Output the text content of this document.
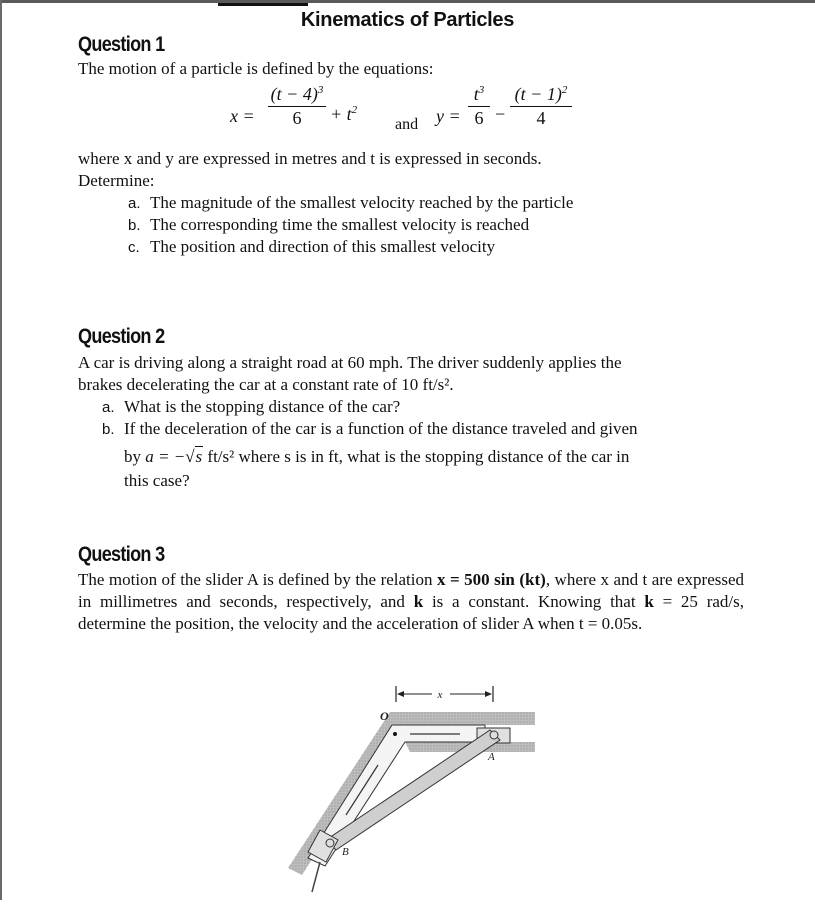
Kinematics of Particles
Question 1
The motion of a particle is defined by the equations:
x =
$(t - 4)^3$
6	+ $t^2$
and y =
$t^3$
6 −
$(t - 1)^2$
4
where x and y are expressed in metres and t is expressed in seconds.
Determine:
a. The magnitude of the smallest velocity reached by the particle
b. The corresponding time the smallest velocity is reached
c. The position and direction of this smallest velocity
Question 2
A car is driving along a straight road at 60 mph. The driver suddenly applies the
brakes decelerating the car at a constant rate of 10 ft/s².
a. What is the stopping distance of the car?
b. If the deceleration of the car is a function of the distance traveled and given
by a = −√s ft/s² where s is in ft, what is the stopping distance of the car in
this case?
Question 3
The motion of the slider A is defined by the relation x = 500 sin (kt), where x and t are expressed in millimetres and seconds, respectively, and k is a constant. Knowing that k = 25 rad/s, determine the position, the velocity and the acceleration of slider A when t = 0.05s.
x
O
A
B
